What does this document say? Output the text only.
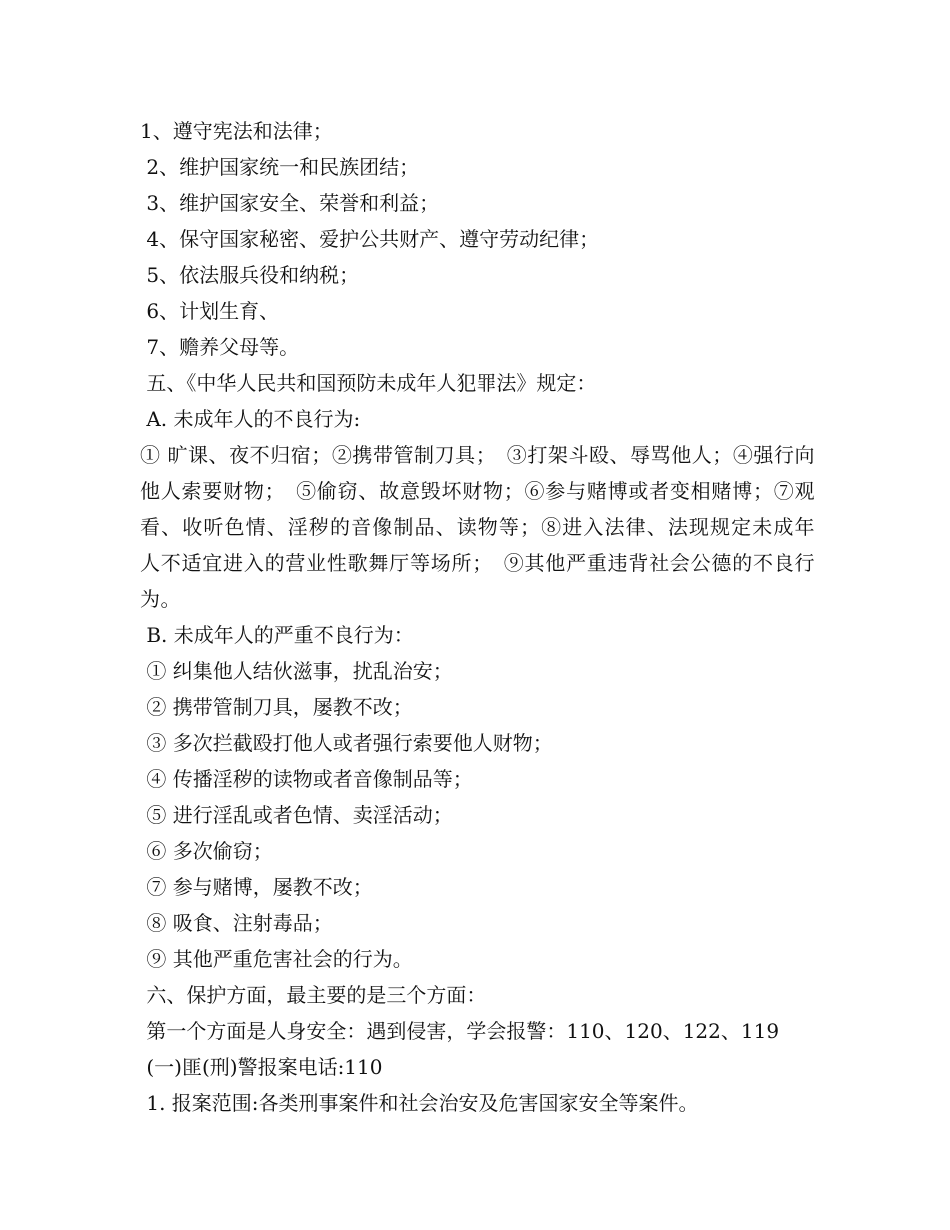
1、遵守宪法和法律；
2、维护国家统一和民族团结；
3、维护国家安全、荣誉和利益；
4、保守国家秘密、爱护公共财产、遵守劳动纪律；
5、依法服兵役和纳税；
6、计划生育、
7、赡养父母等。
五、《中华人民共和国预防未成年人犯罪法》规定：
A. 未成年人的不良行为:

① 旷课、夜不归宿；②携带管制刀具；　③打架斗殴、辱骂他人；④强行向他人索要财物；　⑤偷窃、故意毁坏财物；⑥参与赌博或者变相赌博；⑦观看、收听色情、淫秽的音像制品、读物等；⑧进入法律、法现规定未成年人不适宜进入的营业性歌舞厅等场所；　⑨其他严重违背社会公德的不良行为。

B. 未成年人的严重不良行为：
① 纠集他人结伙滋事，扰乱治安；
② 携带管制刀具，屡教不改；
③ 多次拦截殴打他人或者强行索要他人财物；
④ 传播淫秽的读物或者音像制品等；
⑤ 进行淫乱或者色情、卖淫活动；
⑥ 多次偷窃；
⑦ 参与赌博，屡教不改；
⑧ 吸食、注射毒品；
⑨ 其他严重危害社会的行为。
六、保护方面，最主要的是三个方面：
第一个方面是人身安全：遇到侵害，学会报警：110、120、122、119
(一)匪(刑)警报案电话:110
1. 报案范围:各类刑事案件和社会治安及危害国家安全等案件。
